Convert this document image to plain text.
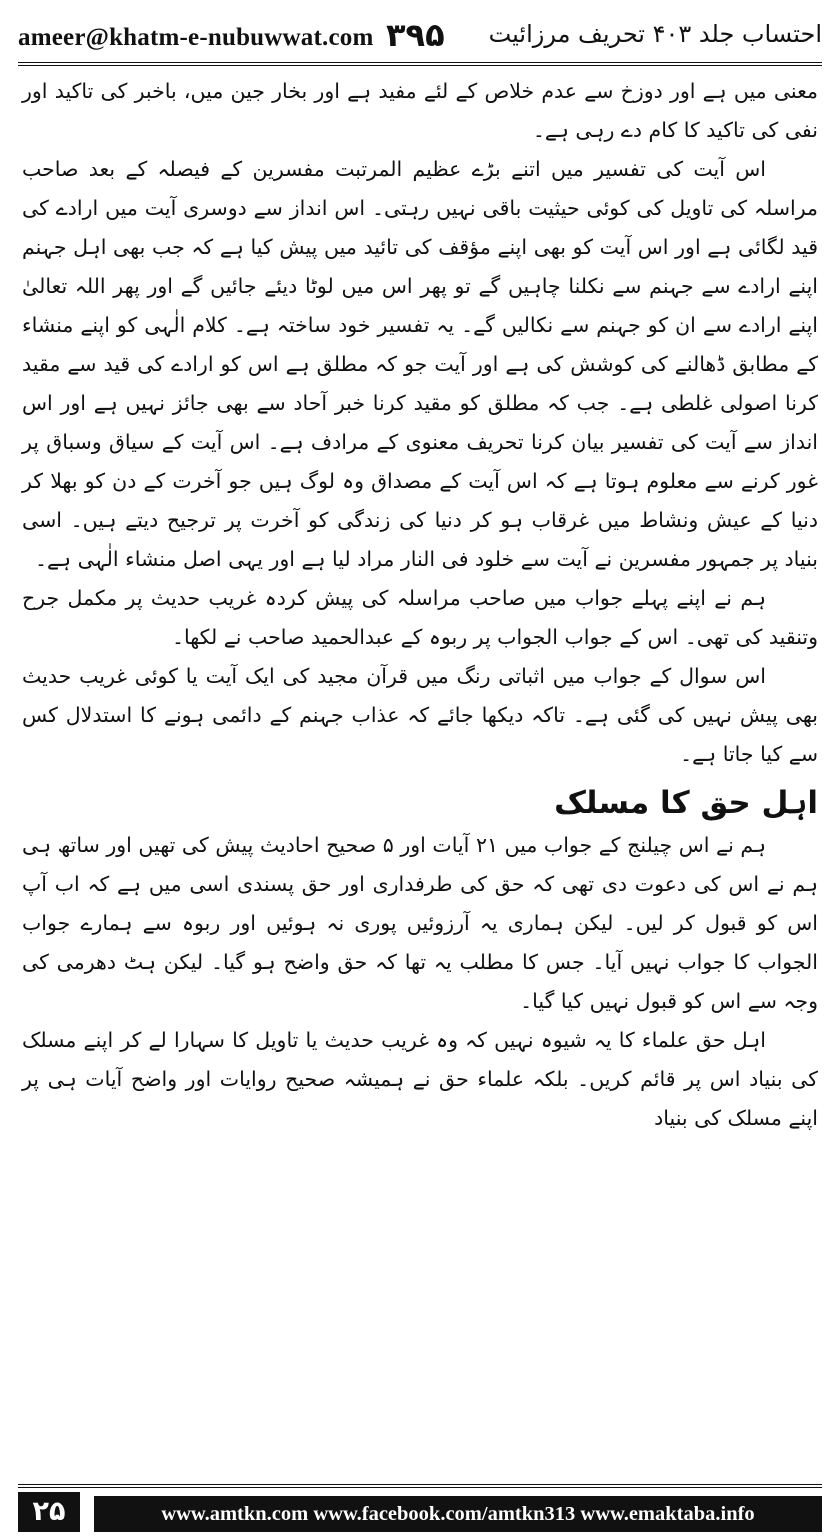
ameer@khatm-e-nubuwwat.com ۳۹۵ احتساب جلد ۴۰۳ تحریف مرزائیت

معنی میں ہے اور دوزخ سے عدم خلاص کے لئے مفید ہے اور بخار جین میں، باخبر کی تاکید اور نفی کی تاکید کا کام دے رہی ہے۔

اس آیت کی تفسیر میں اتنے بڑے عظیم المرتبت مفسرین کے فیصلہ کے بعد صاحب مراسلہ کی تاویل کی کوئی حیثیت باقی نہیں رہتی۔ اس انداز سے دوسری آیت میں ارادے کی قید لگائی ہے اور اس آیت کو بھی اپنے مؤقف کی تائید میں پیش کیا ہے کہ جب بھی اہل جہنم اپنے ارادے سے جہنم سے نکلنا چاہیں گے تو پھر اس میں لوٹا دیئے جائیں گے اور پھر اللہ تعالیٰ اپنے ارادے سے ان کو جہنم سے نکالیں گے۔ یہ تفسیر خود ساختہ ہے۔ کلام الٰہی کو اپنے منشاء کے مطابق ڈھالنے کی کوشش کی ہے اور آیت جو کہ مطلق ہے اس کو ارادے کی قید سے مقید کرنا اصولی غلطی ہے۔ جب کہ مطلق کو مقید کرنا خبر آحاد سے بھی جائز نہیں ہے اور اس انداز سے آیت کی تفسیر بیان کرنا تحریف معنوی کے مرادف ہے۔ اس آیت کے سیاق وسباق پر غور کرنے سے معلوم ہوتا ہے کہ اس آیت کے مصداق وہ لوگ ہیں جو آخرت کے دن کو بھلا کر دنیا کے عیش ونشاط میں غرقاب ہو کر دنیا کی زندگی کو آخرت پر ترجیح دیتے ہیں۔ اسی بنیاد پر جمہور مفسرین نے آیت سے خلود فی النار مراد لیا ہے اور یہی اصل منشاء الٰہی ہے۔

ہم نے اپنے پہلے جواب میں صاحب مراسلہ کی پیش کردہ غریب حدیث پر مکمل جرح وتنقید کی تھی۔ اس کے جواب الجواب پر ربوہ کے عبدالحمید صاحب نے لکھا۔

اس سوال کے جواب میں اثباتی رنگ میں قرآن مجید کی ایک آیت یا کوئی غریب حدیث بھی پیش نہیں کی گئی ہے۔ تاکہ دیکھا جائے کہ عذاب جہنم کے دائمی ہونے کا استدلال کس سے کیا جاتا ہے۔

اہل حق کا مسلک

ہم نے اس چیلنج کے جواب میں ۲۱ آیات اور ۵ صحیح احادیث پیش کی تھیں اور ساتھ ہی ہم نے اس کی دعوت دی تھی کہ حق کی طرفداری اور حق پسندی اسی میں ہے کہ اب آپ اس کو قبول کر لیں۔ لیکن ہماری یہ آرزوئیں پوری نہ ہوئیں اور ربوہ سے ہمارے جواب الجواب کا جواب نہیں آیا۔ جس کا مطلب یہ تھا کہ حق واضح ہو گیا۔ لیکن ہٹ دھرمی کی وجہ سے اس کو قبول نہیں کیا گیا۔

اہل حق علماء کا یہ شیوہ نہیں کہ وہ غریب حدیث یا تاویل کا سہارا لے کر اپنے مسلک کی بنیاد اس پر قائم کریں۔ بلکہ علماء حق نے ہمیشہ صحیح روایات اور واضح آیات ہی پر اپنے مسلک کی بنیاد

۲۵	www.amtkn.com www.facebook.com/amtkn313 www.emaktaba.info
